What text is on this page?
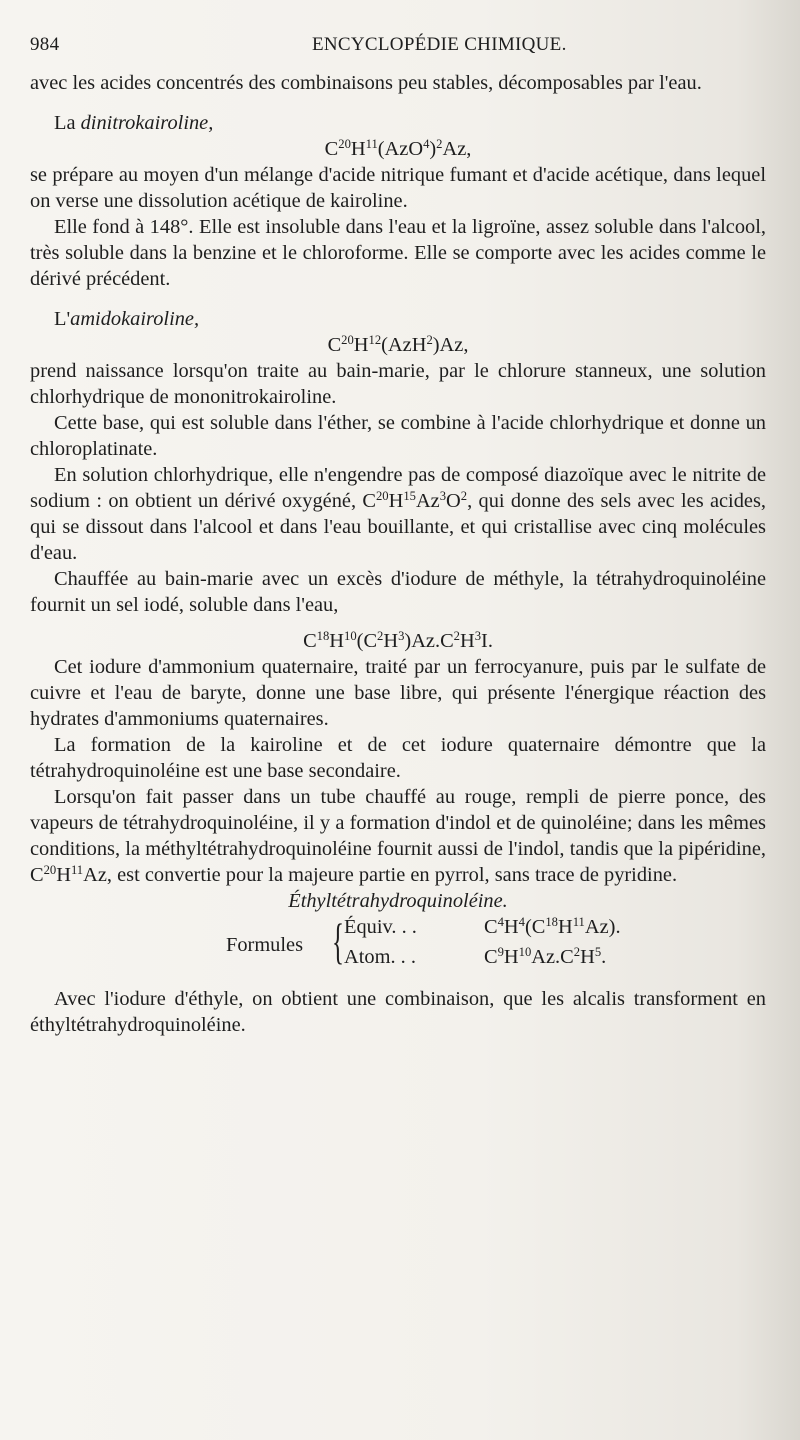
984	ENCYCLOPÉDIE CHIMIQUE.

avec les acides concentrés des combinaisons peu stables, décomposables par l'eau.

La dinitrokairoline,

$C^{20}H^{11}(AzO^4)^2Az$,

se prépare au moyen d'un mélange d'acide nitrique fumant et d'acide acétique, dans lequel on verse une dissolution acétique de kairoline.

Elle fond à 148°. Elle est insoluble dans l'eau et la ligroïne, assez soluble dans l'alcool, très soluble dans la benzine et le chloroforme. Elle se comporte avec les acides comme le dérivé précédent.

L'amidokairoline,

$C^{20}H^{12}(AzH^2)Az$,

prend naissance lorsqu'on traite au bain-marie, par le chlorure stanneux, une solution chlorhydrique de mononitrokairoline.

Cette base, qui est soluble dans l'éther, se combine à l'acide chlorhydrique et donne un chloroplatinate.

En solution chlorhydrique, elle n'engendre pas de composé diazoïque avec le nitrite de sodium : on obtient un dérivé oxygéné, $C^{20}H^{15}Az^3O^2$, qui donne des sels avec les acides, qui se dissout dans l'alcool et dans l'eau bouillante, et qui cristallise avec cinq molécules d'eau.

Chauffée au bain-marie avec un excès d'iodure de méthyle, la tétrahydroquinoléine fournit un sel iodé, soluble dans l'eau,

$C^{18}H^{10}(C^2H^3)Az.C^2H^3I$.

Cet iodure d'ammonium quaternaire, traité par un ferrocyanure, puis par le sulfate de cuivre et l'eau de baryte, donne une base libre, qui présente l'énergique réaction des hydrates d'ammoniums quaternaires.

La formation de la kairoline et de cet iodure quaternaire démontre que la tétrahydroquinoléine est une base secondaire.

Lorsqu'on fait passer dans un tube chauffé au rouge, rempli de pierre ponce, des vapeurs de tétrahydroquinoléine, il y a formation d'indol et de quinoléine; dans les mêmes conditions, la méthyltétrahydroquinoléine fournit aussi de l'indol, tandis que la pipéridine, $C^{20}H^{11}Az$, est convertie pour la majeure partie en pyrrol, sans trace de pyridine.

Éthyltétrahydroquinoléine.

Formules { Équiv. . .
Atom. . .
$C^4H^4(C^{18}H^{11}Az)$.
$C^9H^{10}Az.C^2H^5$.

Avec l'iodure d'éthyle, on obtient une combinaison, que les alcalis transforment en éthyltétrahydroquinoléine.
